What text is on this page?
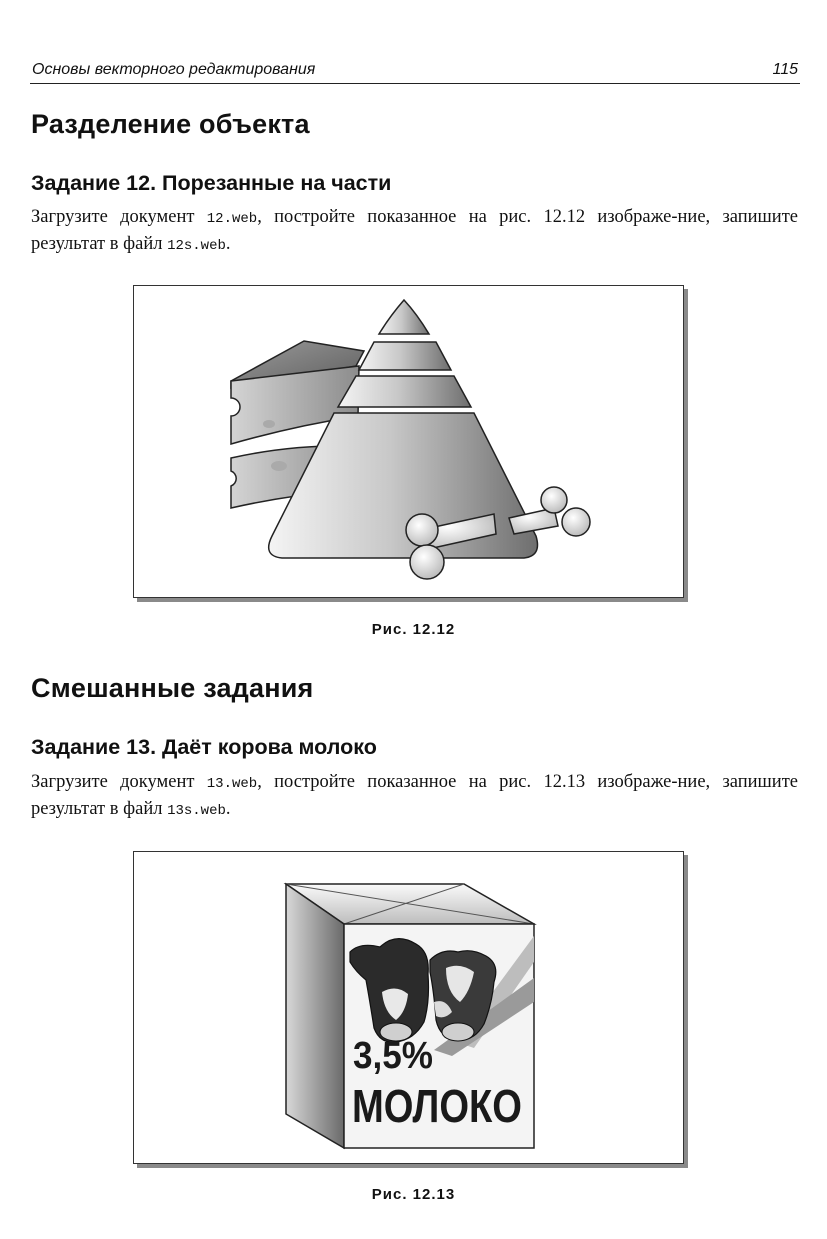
Основы векторного редактирования	115
Разделение объекта
Задание 12. Порезанные на части

Загрузите документ 12.web, постройте показанное на рис. 12.12 изображе-ние, запишите результат в файл 12s.web.

Рис. 12.12
Смешанные задания
Задание 13. Даёт корова молоко

Загрузите документ 13.web, постройте показанное на рис. 12.13 изображе-ние, запишите результат в файл 13s.web.

3,5%
МОЛОКО
Рис. 12.13
